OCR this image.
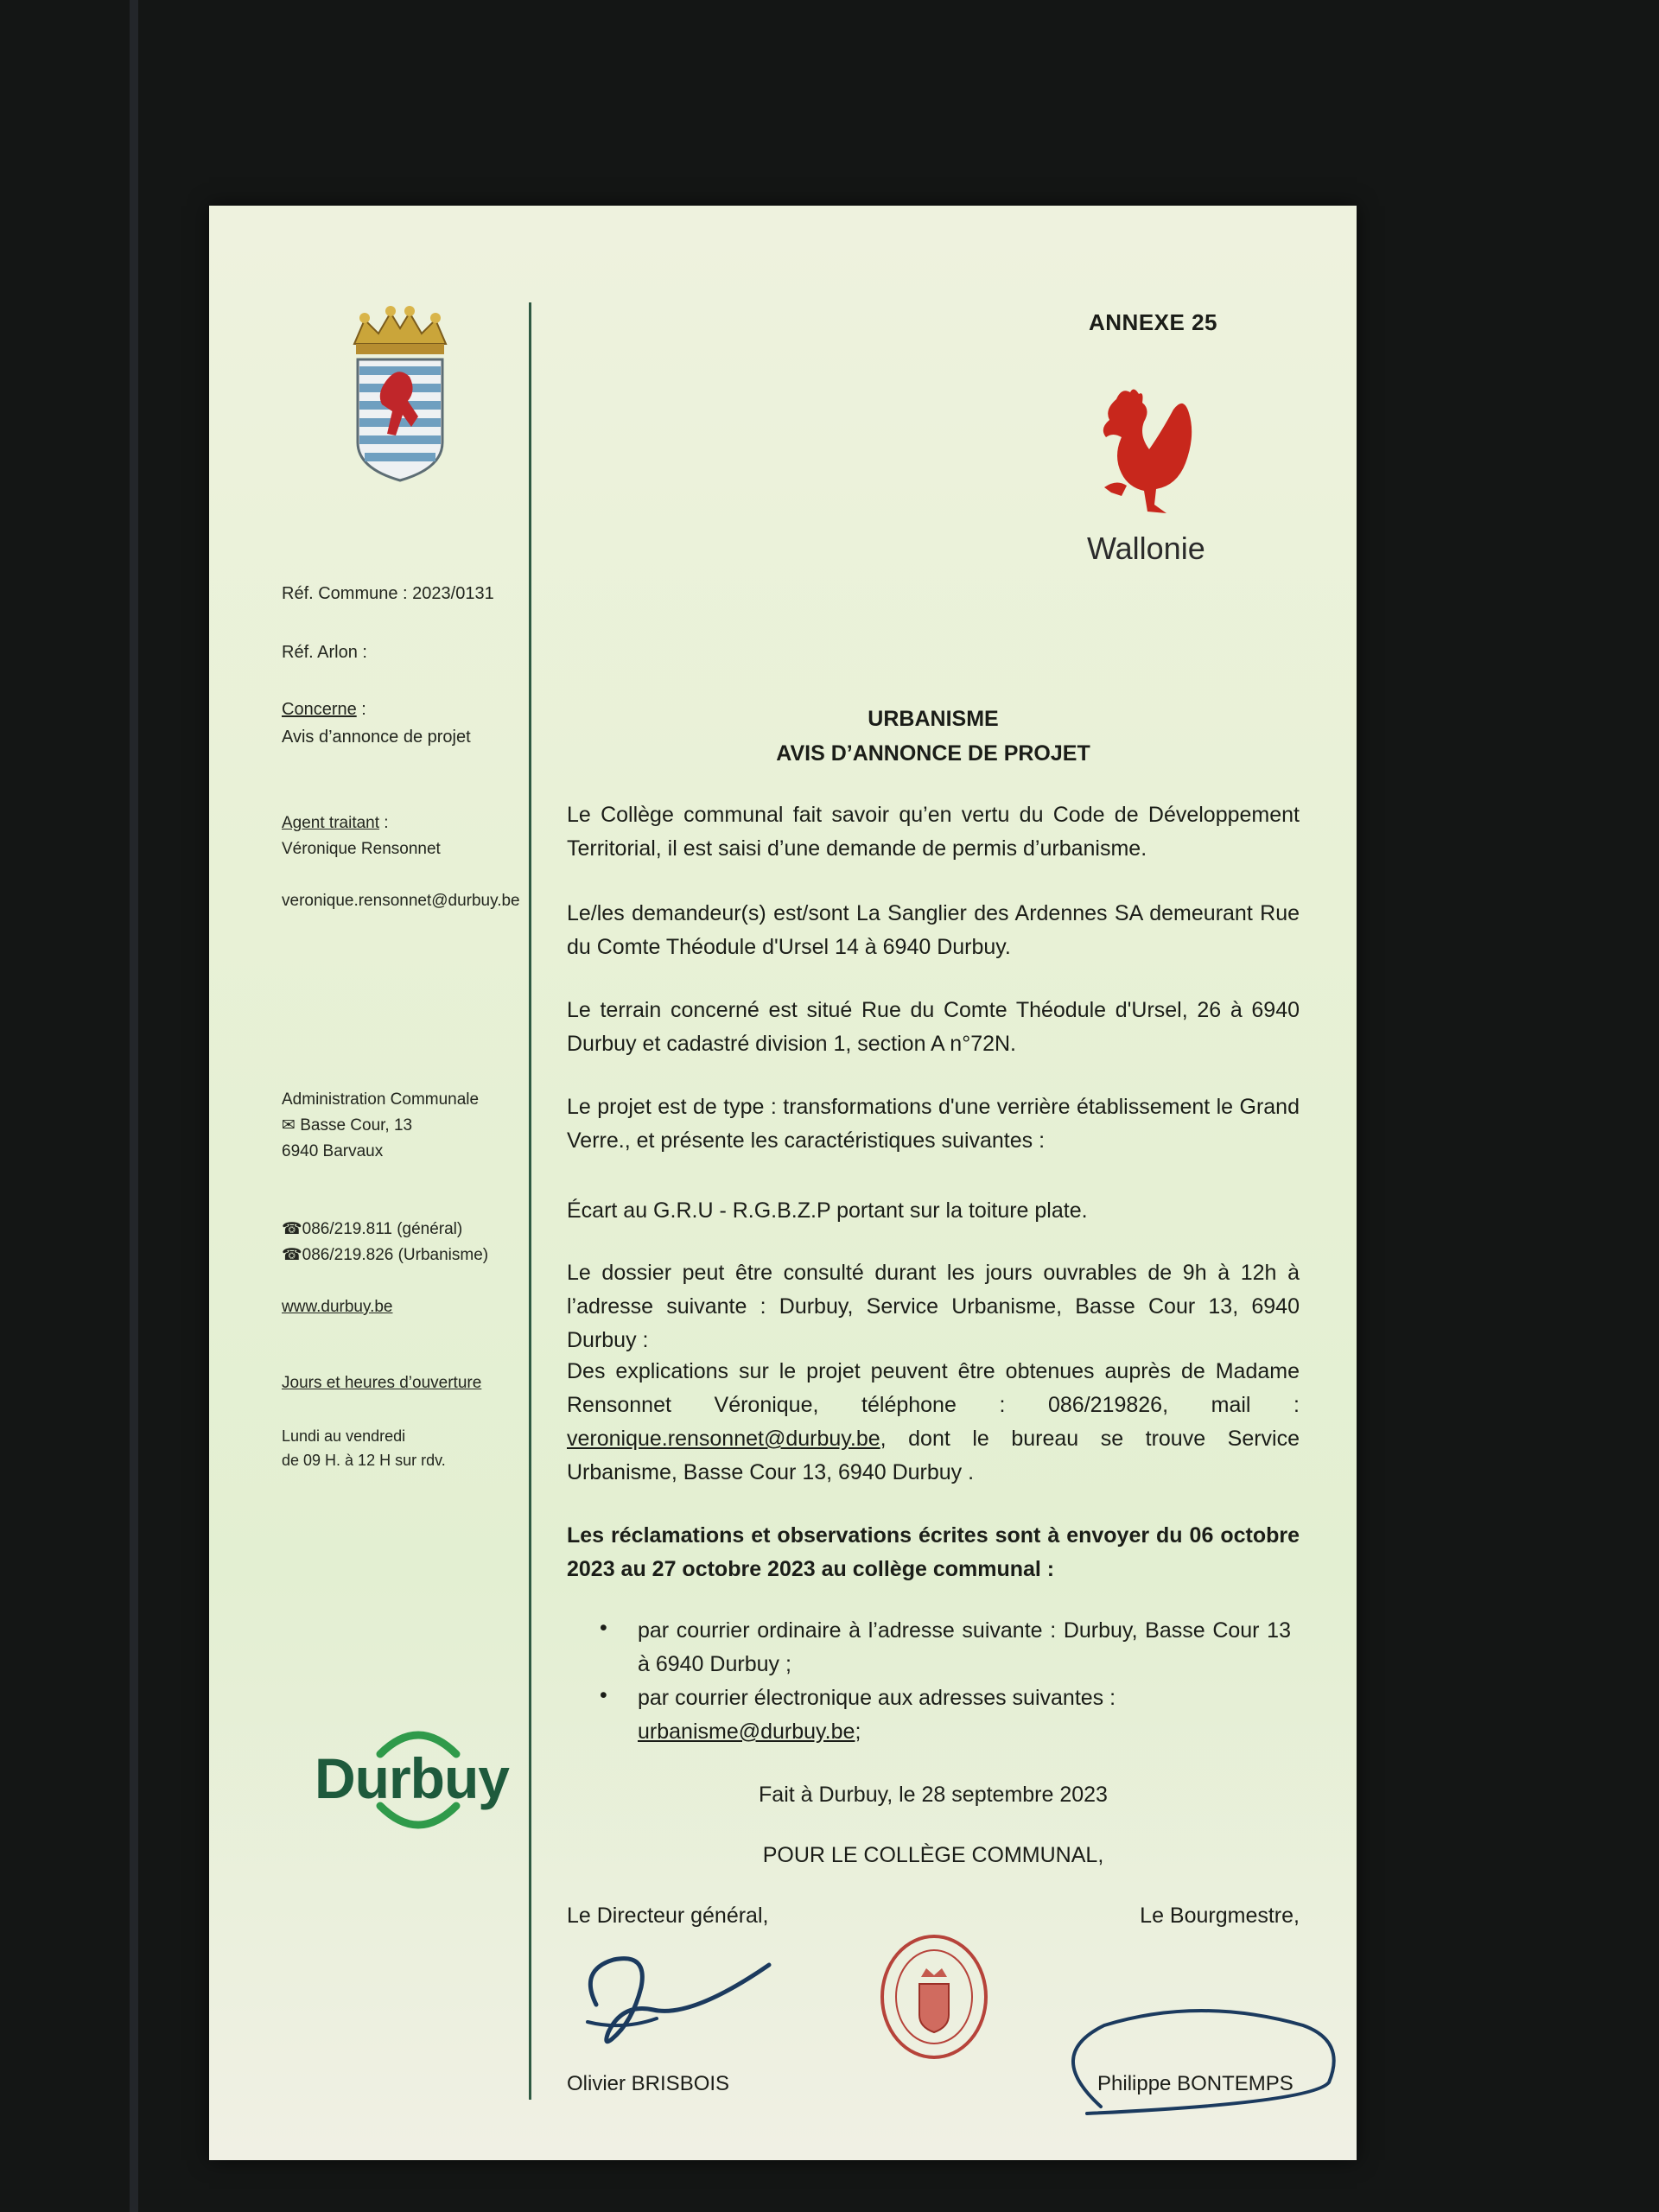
Réf. Commune : 2023/0131
Réf. Arlon :
Concerne :
Avis d’annonce de projet
Agent traitant :
Véronique Rensonnet
veronique.rensonnet@durbuy.be
Administration Communale
✉ Basse Cour, 13
6940 Barvaux
☎086/219.811 (général)
☎086/219.826 (Urbanisme)
www.durbuy.be
Jours et heures d’ouverture
Lundi au vendredi
de 09 H. à 12 H sur rdv.
Durbuy
ANNEXE 25
Wallonie
URBANISME
AVIS D’ANNONCE DE PROJET
Le Collège communal fait savoir qu’en vertu du Code de Développement Territorial, il est saisi d’une demande de permis d’urbanisme.
Le/les demandeur(s) est/sont La Sanglier des Ardennes SA demeurant Rue du Comte Théodule d'Ursel 14 à 6940 Durbuy.
Le terrain concerné est situé Rue du Comte Théodule d'Ursel, 26 à 6940 Durbuy et cadastré division 1, section A n°72N.
Le projet est de type : transformations d'une verrière établissement le Grand Verre., et présente les caractéristiques suivantes :
Écart au G.R.U - R.G.B.Z.P portant sur la toiture plate.
Le dossier peut être consulté durant les jours ouvrables de 9h à 12h à l’adresse suivante : Durbuy, Service Urbanisme, Basse Cour 13, 6940 Durbuy :
Des explications sur le projet peuvent être obtenues auprès de Madame Rensonnet Véronique, téléphone : 086/219826, mail : veronique.rensonnet@durbuy.be, dont le bureau se trouve Service Urbanisme, Basse Cour 13, 6940 Durbuy .
Les réclamations et observations écrites sont à envoyer du 06 octobre 2023 au 27 octobre 2023 au collège communal :
• par courrier ordinaire à l’adresse suivante : Durbuy, Basse Cour 13 à 6940 Durbuy ;
• par courrier électronique aux adresses suivantes : urbanisme@durbuy.be;
Fait à Durbuy, le 28 septembre 2023
POUR LE COLLÈGE COMMUNAL,
Le Directeur général,	Le Bourgmestre,
Olivier BRISBOIS	Philippe BONTEMPS
